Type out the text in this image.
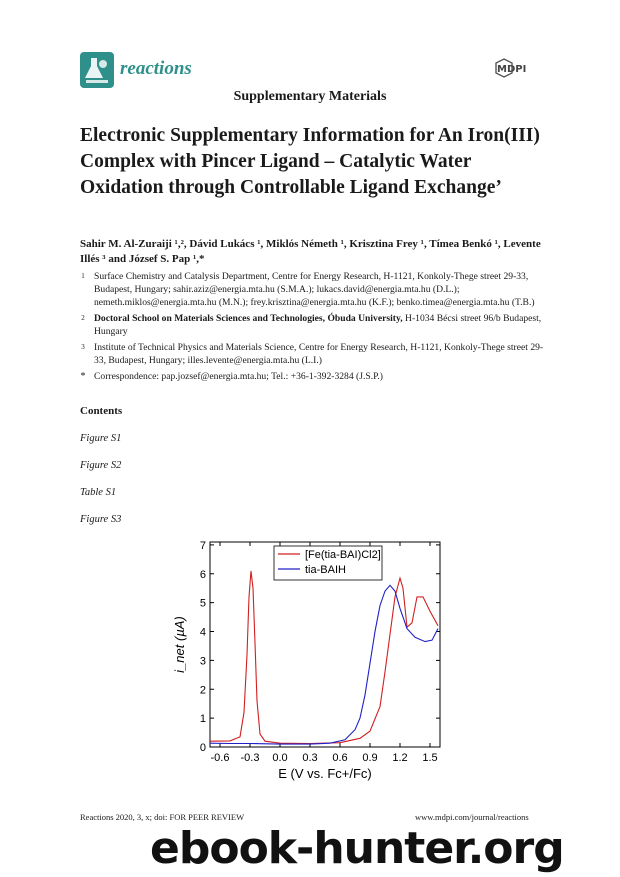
reactions	MDPI
Supplementary Materials
Electronic Supplementary Information for An Iron(III) Complex with Pincer Ligand – Catalytic Water Oxidation through Controllable Ligand Exchange’
Sahir M. Al-Zuraiji ¹,², Dávid Lukács ¹, Miklós Németh ¹, Krisztina Frey ¹, Tímea Benkó ¹, Levente Illés ³ and József S. Pap ¹,*
1 Surface Chemistry and Catalysis Department, Centre for Energy Research, H-1121, Konkoly-Thege street 29-33, Budapest, Hungary; sahir.aziz@energia.mta.hu (S.M.A.); lukacs.david@energia.mta.hu (D.L.); nemeth.miklos@energia.mta.hu (M.N.); frey.krisztina@energia.mta.hu (K.F.); benko.timea@energia.mta.hu (T.B.)
2 Doctoral School on Materials Sciences and Technologies, Óbuda University, H-1034 Bécsi street 96/b Budapest, Hungary
3 Institute of Technical Physics and Materials Science, Centre for Energy Research, H-1121, Konkoly-Thege street 29-33, Budapest, Hungary; illes.levente@energia.mta.hu (L.I.)
* Correspondence: pap.jozsef@energia.mta.hu; Tel.: +36-1-392-3284 (J.S.P.)
Contents
Figure S1
Figure S2
Table S1
Figure S3
-0.6 -0.3 0.0 0.3 0.6 0.9 1.2 1.5
0
1
2
3
4
5
6
7
E (V vs. Fc+/Fc)
i_net (µA)
[Fe(tia-BAI)Cl2]
tia-BAIH
Reactions 2020, 3, x; doi: FOR PEER REVIEW	www.mdpi.com/journal/reactions
ebook-hunter.org
